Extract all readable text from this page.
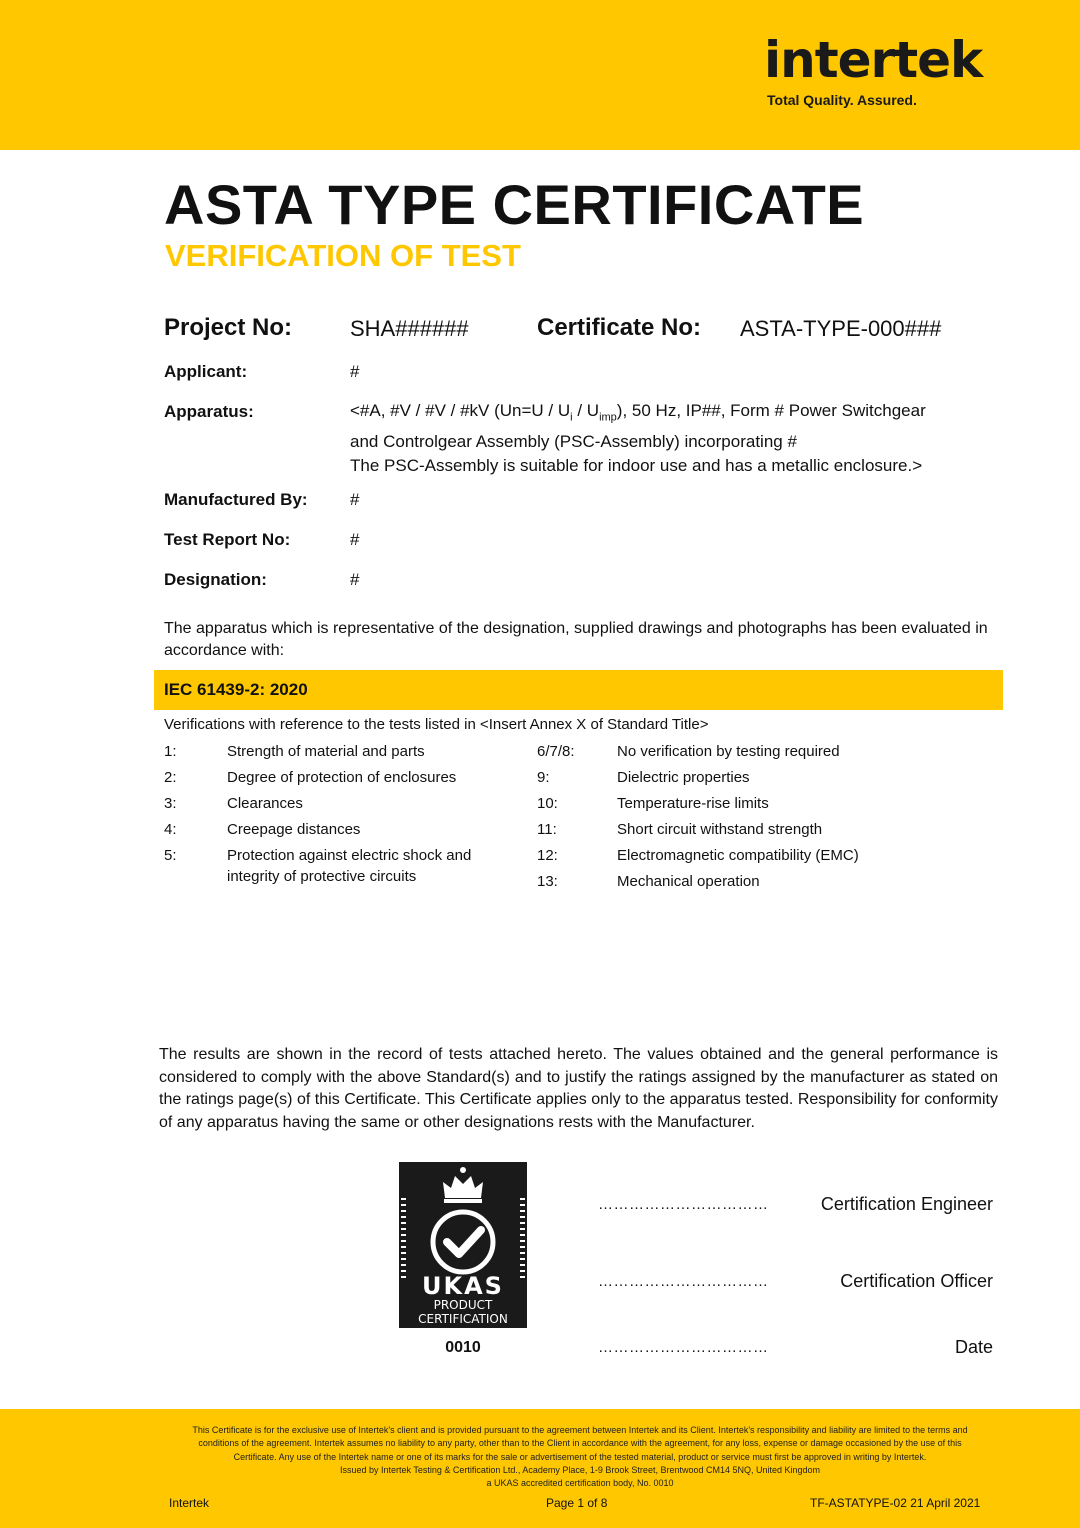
intertek
Total Quality. Assured.
ASTA TYPE CERTIFICATE
VERIFICATION OF TEST
Project No:	SHA######	Certificate No: ASTA-TYPE-000###
Applicant:	#
Apparatus:	<#A, #V / #V / #kV $(Un=U / U_i / U_{imp})$, 50 Hz, IP##, Form # Power Switchgear
and Controlgear Assembly (PSC-Assembly) incorporating #
The PSC-Assembly is suitable for indoor use and has a metallic enclosure.>
Manufactured By: #
Test Report No:	#
Designation:	#
The apparatus which is representative of the designation, supplied drawings and photographs has been evaluated in accordance with:
IEC 61439-2: 2020
Verifications with reference to the tests listed in <Insert Annex X of Standard Title>
1:	Strength of material and parts
2:	Degree of protection of enclosures
3:	Clearances
4:	Creepage distances
5:	Protection against electric shock and integrity of protective circuits
6/7/8:	No verification by testing required
9:	Dielectric properties
10:	Temperature-rise limits
11:	Short circuit withstand strength
12:	Electromagnetic compatibility (EMC)
13:	Mechanical operation
The results are shown in the record of tests attached hereto. The values obtained and the general performance is considered to comply with the above Standard(s) and to justify the ratings assigned by the manufacturer as stated on the ratings page(s) of this Certificate. This Certificate applies only to the apparatus tested. Responsibility for conformity of any apparatus having the same or other designations rests with the Manufacturer.
UKAS
PRODUCT
CERTIFICATION
0010
……………………………	Certification Engineer
……………………………	Certification Officer
……………………………	Date
This Certificate is for the exclusive use of Intertek's client and is provided pursuant to the agreement between Intertek and its Client. Intertek's responsibility and liability are limited to the terms and
conditions of the agreement. Intertek assumes no liability to any party, other than to the Client in accordance with the agreement, for any loss, expense or damage occasioned by the use of this
Certificate. Any use of the Intertek name or one of its marks for the sale or advertisement of the tested material, product or service must first be approved in writing by Intertek.
Issued by Intertek Testing & Certification Ltd., Academy Place, 1-9 Brook Street, Brentwood CM14 5NQ, United Kingdom
a UKAS accredited certification body, No. 0010
Intertek	Page 1 of 8	TF-ASTATYPE-02 21 April 2021
